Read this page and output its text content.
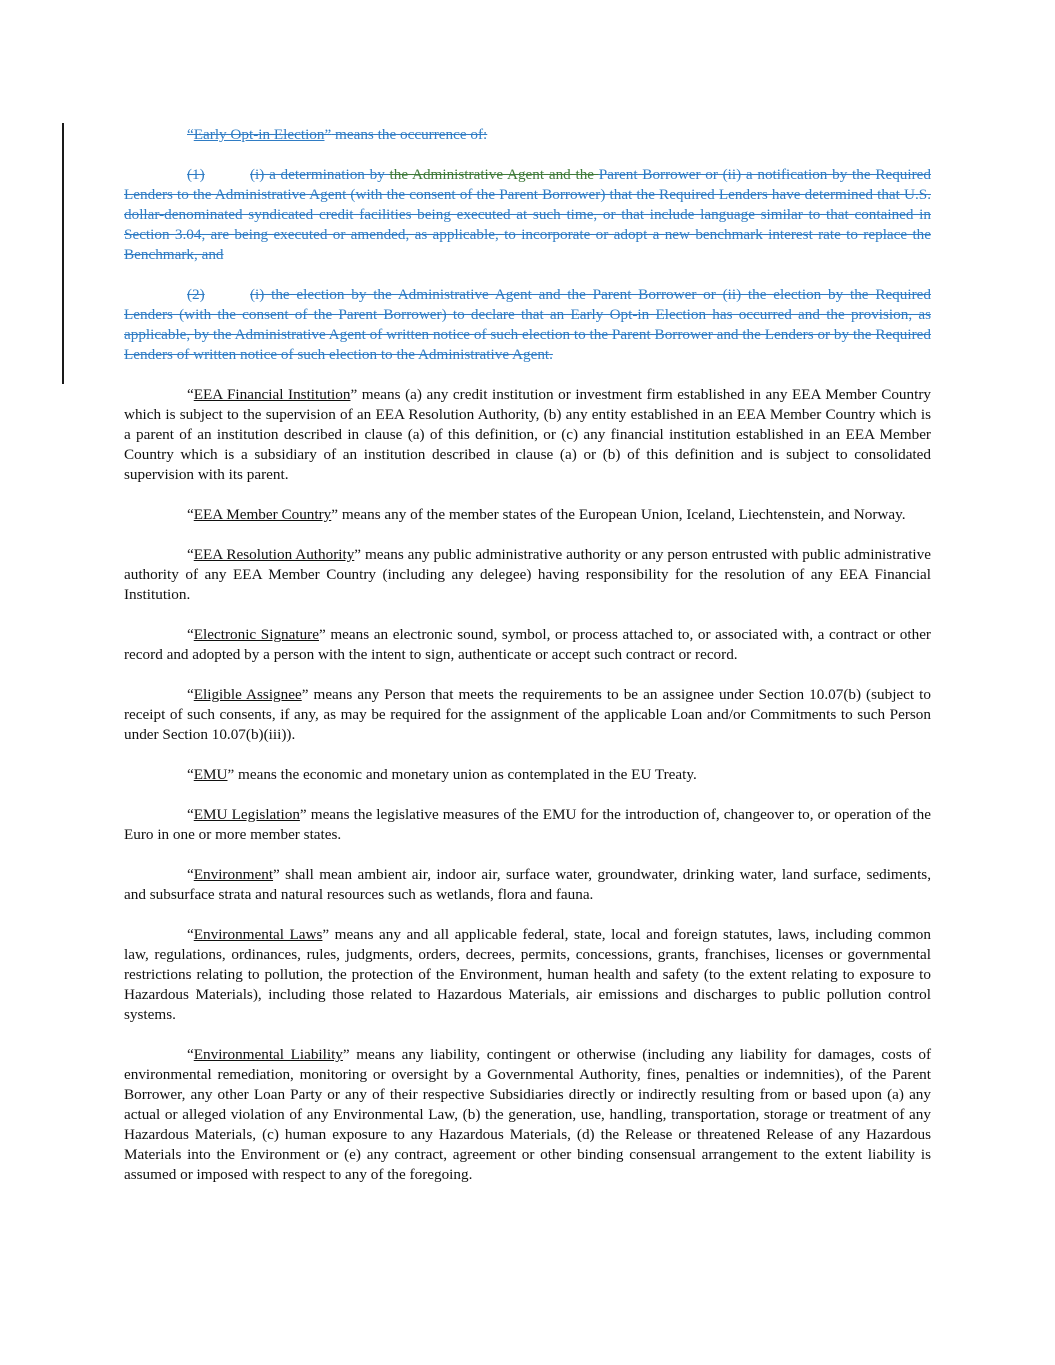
“Early Opt-in Election” means the occurrence of:

(1)	(i) a determination by the Administrative Agent and the Parent Borrower or (ii) a notification by the Required Lenders to the Administrative Agent (with the consent of the Parent Borrower) that the Required Lenders have determined that U.S. dollar-denominated syndicated credit facilities being executed at such time, or that include language similar to that contained in Section 3.04, are being executed or amended, as applicable, to incorporate or adopt a new benchmark interest rate to replace the Benchmark, and

(2)	(i) the election by the Administrative Agent and the Parent Borrower or (ii) the election by the Required Lenders (with the consent of the Parent Borrower) to declare that an Early Opt-in Election has occurred and the provision, as applicable, by the Administrative Agent of written notice of such election to the Parent Borrower and the Lenders or by the Required Lenders of written notice of such election to the Administrative Agent.

“EEA Financial Institution” means (a) any credit institution or investment firm established in any EEA Member Country which is subject to the supervision of an EEA Resolution Authority, (b) any entity established in an EEA Member Country which is a parent of an institution described in clause (a) of this definition, or (c) any financial institution established in an EEA Member Country which is a subsidiary of an institution described in clause (a) or (b) of this definition and is subject to consolidated supervision with its parent.

“EEA Member Country” means any of the member states of the European Union, Iceland, Liechtenstein, and Norway.

“EEA Resolution Authority” means any public administrative authority or any person entrusted with public administrative authority of any EEA Member Country (including any delegee) having responsibility for the resolution of any EEA Financial Institution.

“Electronic Signature” means an electronic sound, symbol, or process attached to, or associated with, a contract or other record and adopted by a person with the intent to sign, authenticate or accept such contract or record.

“Eligible Assignee” means any Person that meets the requirements to be an assignee under Section 10.07(b) (subject to receipt of such consents, if any, as may be required for the assignment of the applicable Loan and/or Commitments to such Person under Section 10.07(b)(iii)).

“EMU” means the economic and monetary union as contemplated in the EU Treaty.

“EMU Legislation” means the legislative measures of the EMU for the introduction of, changeover to, or operation of the Euro in one or more member states.

“Environment” shall mean ambient air, indoor air, surface water, groundwater, drinking water, land surface, sediments, and subsurface strata and natural resources such as wetlands, flora and fauna.

“Environmental Laws” means any and all applicable federal, state, local and foreign statutes, laws, including common law, regulations, ordinances, rules, judgments, orders, decrees, permits, concessions, grants, franchises, licenses or governmental restrictions relating to pollution, the protection of the Environment, human health and safety (to the extent relating to exposure to Hazardous Materials), including those related to Hazardous Materials, air emissions and discharges to public pollution control systems.

“Environmental Liability” means any liability, contingent or otherwise (including any liability for damages, costs of environmental remediation, monitoring or oversight by a Governmental Authority, fines, penalties or indemnities), of the Parent Borrower, any other Loan Party or any of their respective Subsidiaries directly or indirectly resulting from or based upon (a) any actual or alleged violation of any Environmental Law, (b) the generation, use, handling, transportation, storage or treatment of any Hazardous Materials, (c) human exposure to any Hazardous Materials, (d) the Release or threatened Release of any Hazardous Materials into the Environment or (e) any contract, agreement or other binding consensual arrangement to the extent liability is assumed or imposed with respect to any of the foregoing.
